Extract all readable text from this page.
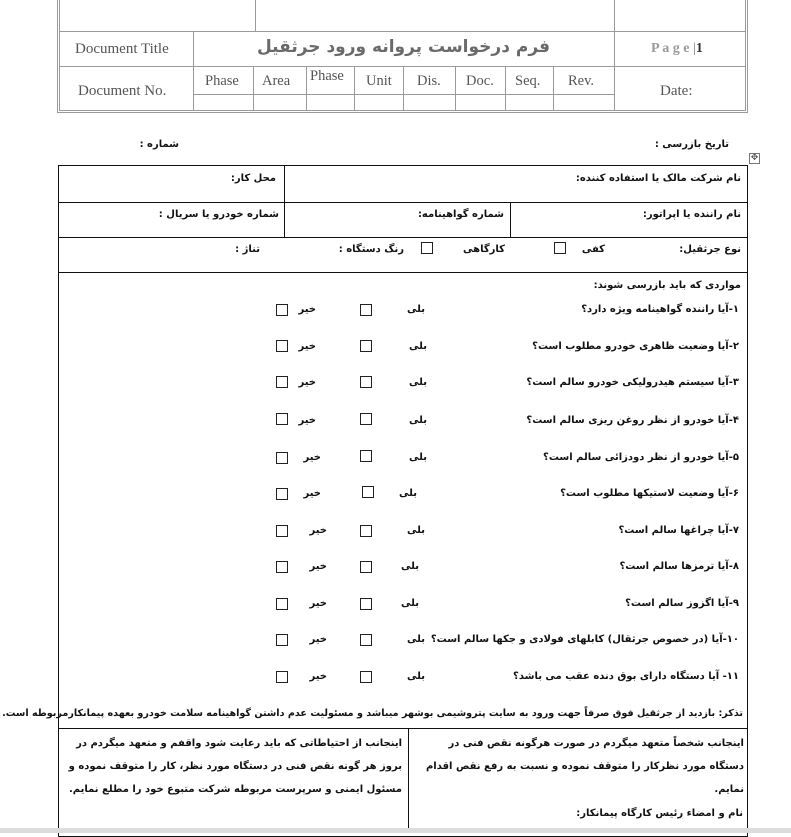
Document Title
Document No.
فرم درخواست پروانه ورود جرثقیل	P a g e |1
Date:
Phase Area Phase Unit Dis. Doc. Seq. Rev.
تاریخ بازرسی :
شماره :
✥
نام شرکت مالک یا استفاده کننده:
محل کار:
نام راننده یا اپراتور:
شماره گواهینامه:
شماره خودرو یا سریال :
نوع جرثقیل:
کفی
کارگاهی
رنگ دستگاه :
تناژ :
مواردی که باید بازرسی شوند:
۱-آیا راننده گواهینامه ویژه دارد؟
بلی
خیر
۲-آیا وضعیت ظاهری خودرو مطلوب است؟
بلی
خیر
۳-آیا سیستم هیدرولیکی خودرو سالم است؟
بلی
خیر
۴-آیا خودرو از نظر روغن ریزی سالم است؟
بلی
خیر
۵-آیا خودرو از نظر دودزائی سالم است؟
بلی
خیر
۶-آیا وضعیت لاستیکها مطلوب است؟
بلی
خیر
۷-آیا چراغها سالم است؟
بلی
خیر
۸-آیا ترمزها سالم است؟
بلی
خیر
۹-آیا اگزوز سالم است؟
بلی
خیر
۱۰-آیا (در خصوص جرثقال) کابلهای فولادی و جکها سالم است؟
بلی
خیر
۱۱- آیا دستگاه دارای بوق دنده عقب می باشد؟
بلی
خیر
تذکر: بازدید از جرثقیل فوق صرفاً جهت ورود به سایت پتروشیمی بوشهر میباشد و مسئولیت عدم داشتن گواهینامه سلامت خودرو بعهده پیمانکارمربوطه است.
اینجانب شخصاً متعهد میگردم در صورت هرگونه نقص فنی در دستگاه مورد نظرکار را متوقف نموده و نسبت به رفع نقص اقدام نمایم.
نام و امضاء رئیس کارگاه پیمانکار:
اینجانب از احتیاطاتی که باید رعایت شود واقفم و متعهد میگردم در بروز هر گونه نقص فنی در دستگاه مورد نظر، کار را متوقف نموده و مسئول ایمنی و سرپرست مربوطه شرکت متبوع خود را مطلع نمایم.
